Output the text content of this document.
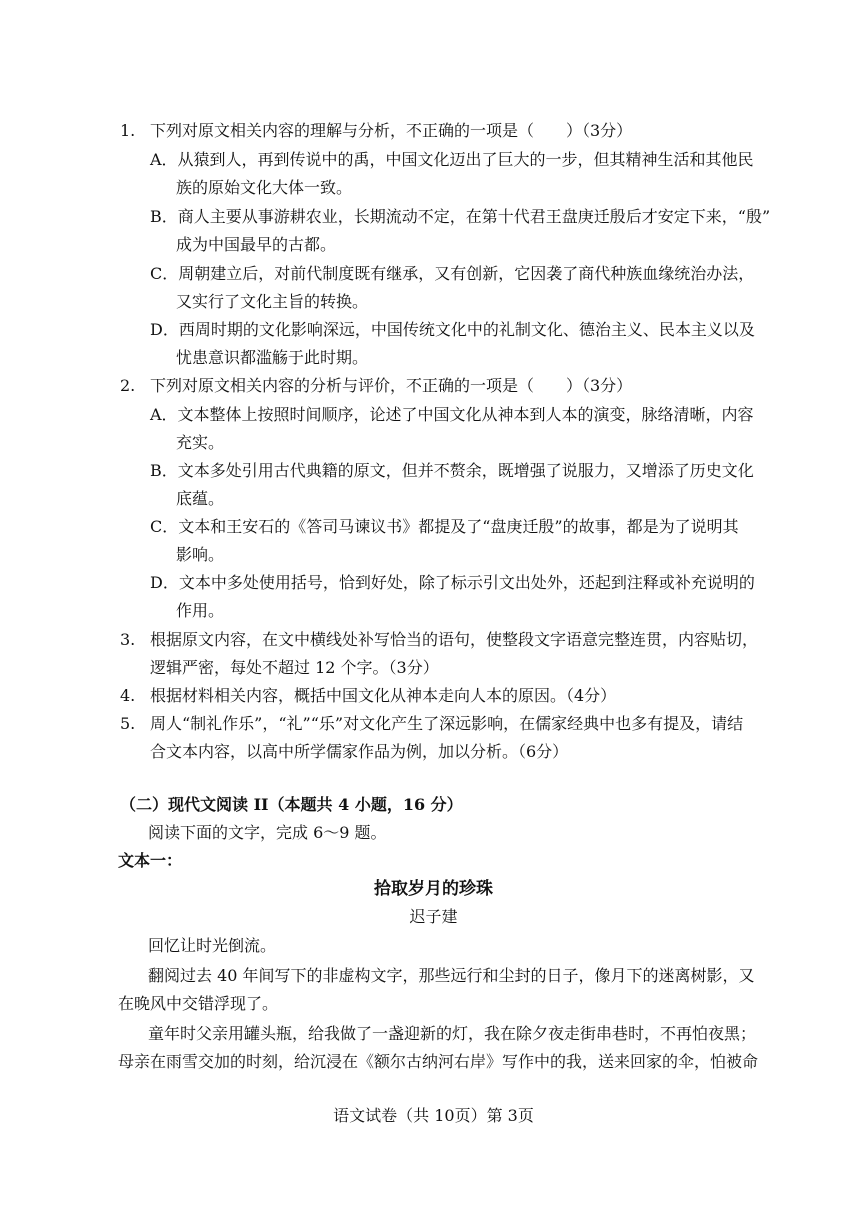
1. 下列对原文相关内容的理解与分析，不正确的一项是（　　）（3分）
A．从猿到人，再到传说中的禹，中国文化迈出了巨大的一步，但其精神生活和其他民
族的原始文化大体一致。
B．商人主要从事游耕农业，长期流动不定，在第十代君王盘庚迁殷后才安定下来，“殷”
成为中国最早的古都。
C．周朝建立后，对前代制度既有继承，又有创新，它因袭了商代种族血缘统治办法，
又实行了文化主旨的转换。
D．西周时期的文化影响深远，中国传统文化中的礼制文化、德治主义、民本主义以及
忧患意识都滥觞于此时期。
2. 下列对原文相关内容的分析与评价，不正确的一项是（　　）（3分）
A．文本整体上按照时间顺序，论述了中国文化从神本到人本的演变，脉络清晰，内容
充实。
B．文本多处引用古代典籍的原文，但并不赘余，既增强了说服力，又增添了历史文化
底蕴。
C．文本和王安石的《答司马谏议书》都提及了“盘庚迁殷”的故事，都是为了说明其
影响。
D．文本中多处使用括号，恰到好处，除了标示引文出处外，还起到注释或补充说明的
作用。
3. 根据原文内容，在文中横线处补写恰当的语句，使整段文字语意完整连贯，内容贴切，
逻辑严密，每处不超过 12 个字。（3分）
4. 根据材料相关内容，概括中国文化从神本走向人本的原因。（4分）
5. 周人“制礼作乐”，“礼”“乐”对文化产生了深远影响，在儒家经典中也多有提及，请结
合文本内容，以高中所学儒家作品为例，加以分析。（6分）
（二）现代文阅读 II（本题共 4 小题，16 分）
阅读下面的文字，完成 6～9 题。
文本一：
拾取岁月的珍珠
迟子建
回忆让时光倒流。
翻阅过去 40 年间写下的非虚构文字，那些远行和尘封的日子，像月下的迷离树影，又
在晚风中交错浮现了。
童年时父亲用罐头瓶，给我做了一盏迎新的灯，我在除夕夜走街串巷时，不再怕夜黑；
母亲在雨雪交加的时刻，给沉浸在《额尔古纳河右岸》写作中的我，送来回家的伞，怕被命
语文试卷（共 10页）第 3页
